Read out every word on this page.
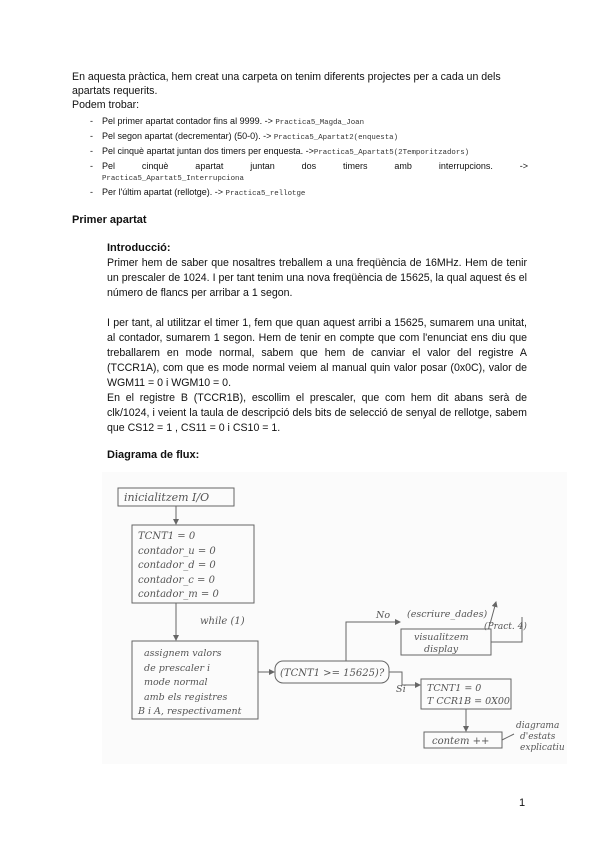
En aquesta pràctica, hem creat una carpeta on tenim diferents projectes per a cada un dels apartats requerits.

Podem trobar:

- Pel primer apartat contador fins al 9999. -> Practica5_Magda_Joan
- Pel segon apartat (decrementar) (50-0). -> Practica5_Apartat2(enquesta)
- Pel cinquè apartat juntan dos timers per enquesta. ->Practica5_Apartat5(2Temporitzadors)
- Pel cinquè apartat juntan dos timers amb interrupcions. ->
Practica5_Apartat5_Interrupciona
- Per l'últim apartat (rellotge). -> Practica5_rellotge
Primer apartat
Introducció:

Primer hem de saber que nosaltres treballem a una freqüència de 16MHz. Hem de tenir un prescaler de 1024. I per tant tenim una nova freqüència de 15625, la qual aquest és el número de flancs per arribar a 1 segon.

I per tant, al utilitzar el timer 1, fem que quan aquest arribi a 15625, sumarem una unitat, al contador, sumarem 1 segon. Hem de tenir en compte que com l'enunciat ens diu que treballarem en mode normal, sabem que hem de canviar el valor del registre A (TCCR1A), com que es mode normal veiem al manual quin valor posar (0x0C), valor de WGM11 = 0 i WGM10 = 0.

En el registre B (TCCR1B), escollim el prescaler, que com hem dit abans serà de clk/1024, i veient la taula de descripció dels bits de selecció de senyal de rellotge, sabem que CS12 = 1 , CS11 = 0 i CS10 = 1.

Diagrama de flux:
inicialitzem I/O
TCNT1 = 0 contador_u = 0 contador_d = 0 contador_c = 0 contador_m = 0
while (1)
assignem valors de prescaler i mode normal amb els registres B i A, respectivament
(TCNT1 >= 15625)?
No
visualitzem display
(escriure_dades)
(Pract. 4)
Sí TCNT1 = 0 T CCR1B = 0X00
contem ++
diagrama d'estats explicatiu
1
